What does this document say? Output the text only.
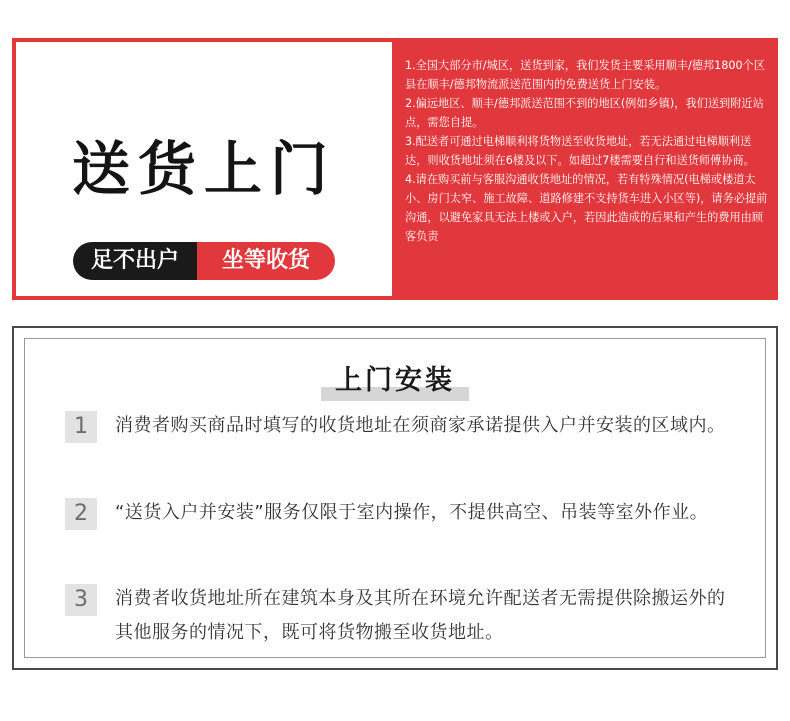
送货上门
足不出户	坐等收货

1.全国大部分市/城区，送货到家，我们发货主要采用顺丰/德邦1800个区县在顺丰/德邦物流派送范围内的免费送货上门安装。

2.偏远地区、顺丰/德邦派送范围不到的地区(例如乡镇)，我们送到附近站点，需您自提。

3.配送者可通过电梯顺利将货物送至收货地址，若无法通过电梯顺利送达，则收货地址须在6楼及以下。如超过7楼需要自行和送货师傅协商。

4.请在购买前与客服沟通收货地址的情况，若有特殊情况(电梯或楼道太小、房门太窄、施工故障、道路修建不支持货车进入小区等)，请务必提前沟通，以避免家具无法上楼或入户，若因此造成的后果和产生的费用由顾客负责

上门安装
1	消费者购买商品时填写的收货地址在须商家承诺提供入户并安装的区域内。
2	“送货入户并安装”服务仅限于室内操作，不提供高空、吊装等室外作业。
3	消费者收货地址所在建筑本身及其所在环境允许配送者无需提供除搬运外的其他服务的情况下，既可将货物搬至收货地址。
